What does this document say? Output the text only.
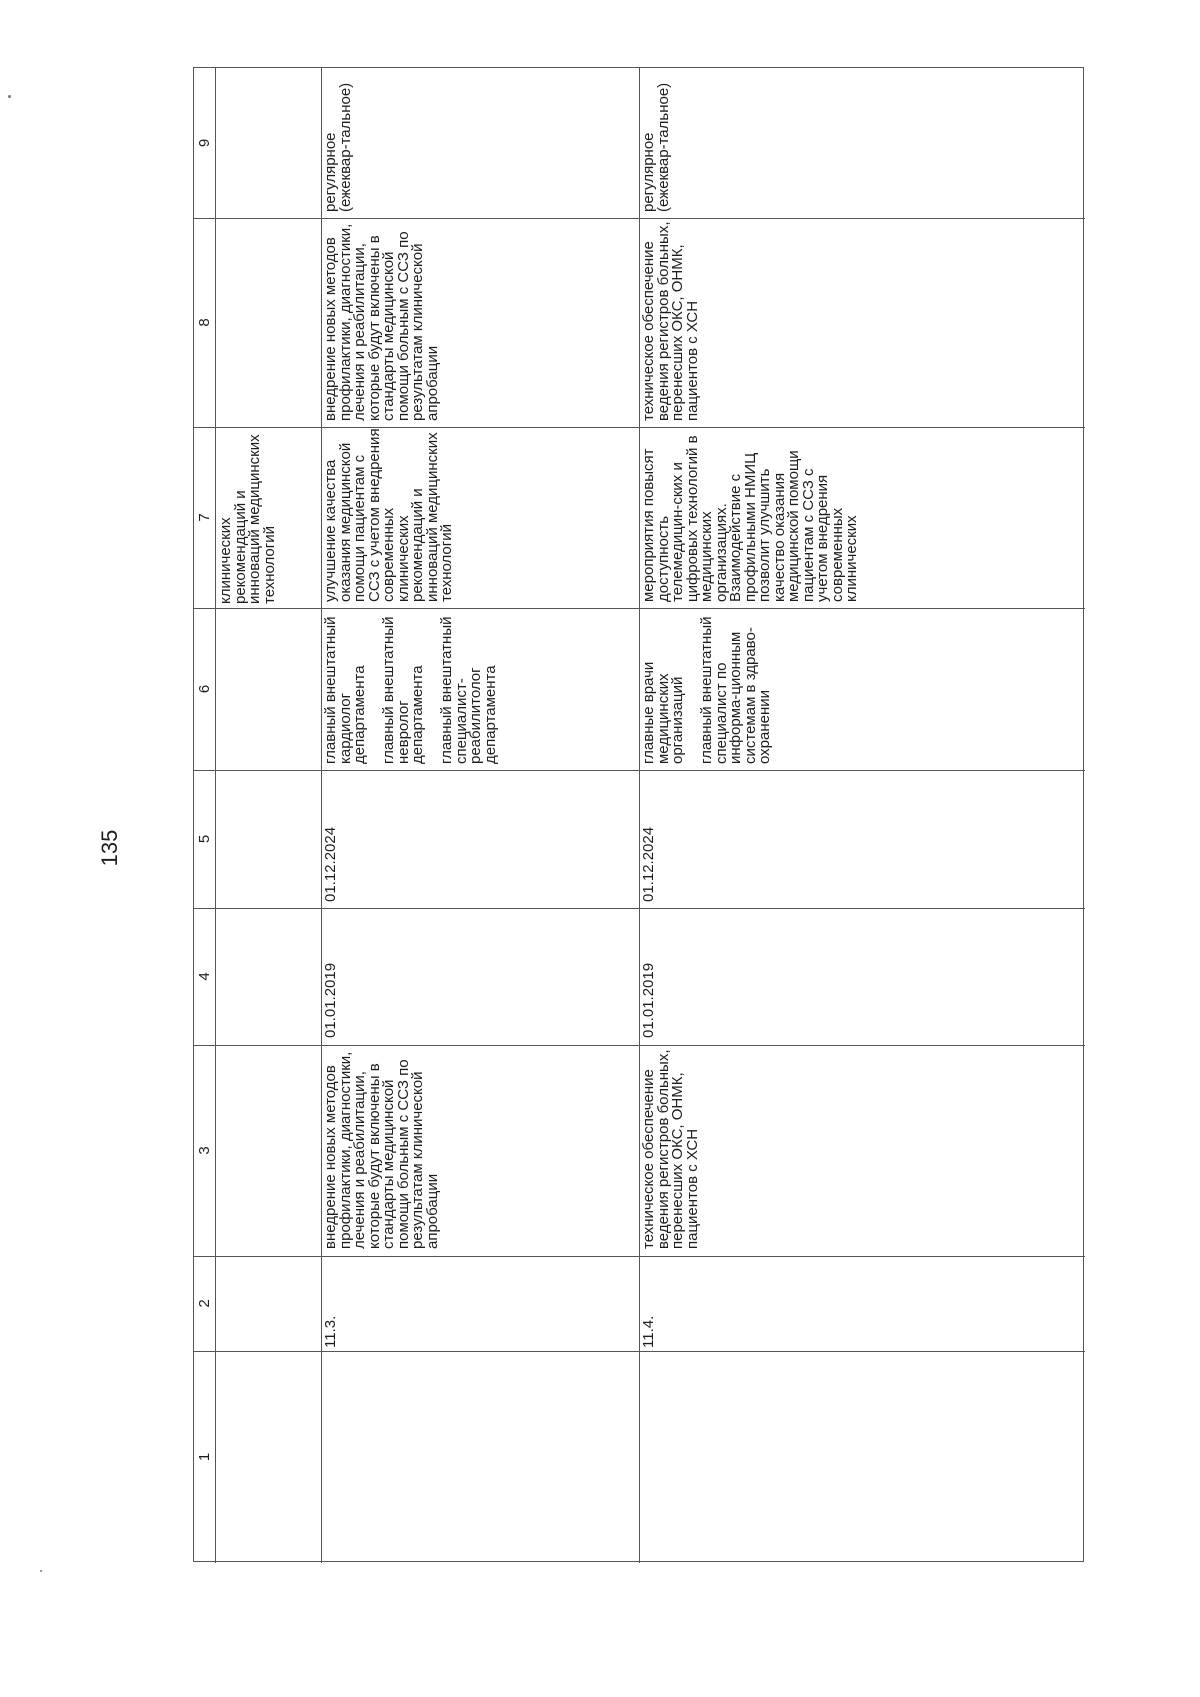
135
9
8
7
6
5
4
3
2
1
клинических рекомендаций и инноваций медицинских технологий
11.3.
внедрение новых методов профилактики, диагностики, лечения и реабилитации, которые будут включены в стандарты медицинской помощи больным с ССЗ по результатам клинической апробации
01.01.2019
01.12.2024

главный внештатный кардиолог департамента главный внештатный невролог департамента главный внештатный специалист-реабилитолог департамента

улучшение качества оказания медицинской помощи пациентам с ССЗ с учетом внедрения современных клинических рекомендаций и инноваций медицинских технологий
внедрение новых методов профилактики, диагностики, лечения и реабилитации, которые будут включены в стандарты медицинской помощи больным с ССЗ по результатам клинической апробации
регулярное (ежеквар-тальное)
11.4.
техническое обеспечение ведения регистров больных, перенесших ОКС, ОНМК, пациентов с ХСН
01.01.2019
01.12.2024

главные врачи медицинских организаций главный внештатный специалист по информа-ционным системам в здраво-охранении

мероприятия повысят доступность телемедицин-ских и цифровых технологий в медицинских организациях. Взаимодействие с профильными НМИЦ позволит улучшить качество оказания медицинской помощи пациентам с ССЗ с учетом внедрения современных клинических
техническое обеспечение ведения регистров больных, перенесших ОКС, ОНМК, пациентов с ХСН
регулярное (ежеквар-тальное)
